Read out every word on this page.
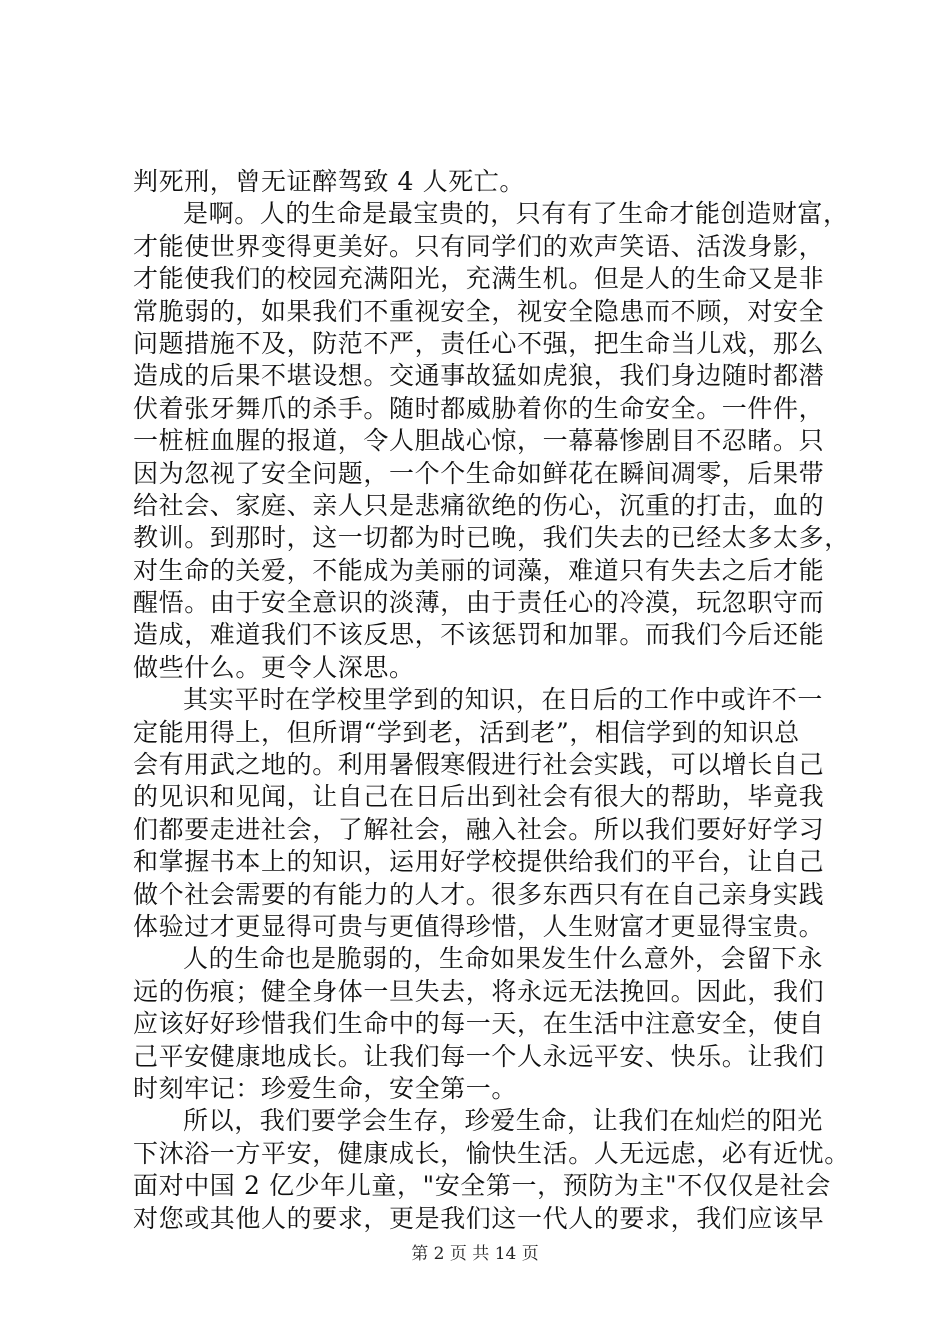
判死刑，曾无证醉驾致 4 人死亡。
是啊。人的生命是最宝贵的，只有有了生命才能创造财富，
才能使世界变得更美好。只有同学们的欢声笑语、活泼身影，
才能使我们的校园充满阳光，充满生机。但是人的生命又是非
常脆弱的，如果我们不重视安全，视安全隐患而不顾，对安全
问题措施不及，防范不严，责任心不强，把生命当儿戏，那么
造成的后果不堪设想。交通事故猛如虎狼，我们身边随时都潜
伏着张牙舞爪的杀手。随时都威胁着你的生命安全。一件件，
一桩桩血腥的报道，令人胆战心惊，一幕幕惨剧目不忍睹。只
因为忽视了安全问题，一个个生命如鲜花在瞬间凋零，后果带
给社会、家庭、亲人只是悲痛欲绝的伤心，沉重的打击，血的
教训。到那时，这一切都为时已晚，我们失去的已经太多太多，
对生命的关爱，不能成为美丽的词藻，难道只有失去之后才能
醒悟。由于安全意识的淡薄，由于责任心的冷漠，玩忽职守而
造成，难道我们不该反思，不该惩罚和加罪。而我们今后还能
做些什么。更令人深思。
其实平时在学校里学到的知识，在日后的工作中或许不一
定能用得上，但所谓“学到老，活到老”，相信学到的知识总
会有用武之地的。利用暑假寒假进行社会实践，可以增长自己
的见识和见闻，让自己在日后出到社会有很大的帮助，毕竟我
们都要走进社会，了解社会，融入社会。所以我们要好好学习
和掌握书本上的知识，运用好学校提供给我们的平台，让自己
做个社会需要的有能力的人才。很多东西只有在自己亲身实践
体验过才更显得可贵与更值得珍惜，人生财富才更显得宝贵。
人的生命也是脆弱的，生命如果发生什么意外，会留下永
远的伤痕；健全身体一旦失去，将永远无法挽回。因此，我们
应该好好珍惜我们生命中的每一天，在生活中注意安全，使自
己平安健康地成长。让我们每一个人永远平安、快乐。让我们
时刻牢记：珍爱生命，安全第一。
所以，我们要学会生存，珍爱生命，让我们在灿烂的阳光
下沐浴一方平安，健康成长，愉快生活。人无远虑，必有近忧。
面对中国 2 亿少年儿童，"安全第一，预防为主"不仅仅是社会
对您或其他人的要求，更是我们这一代人的要求，我们应该早
第 2 页 共 14 页
